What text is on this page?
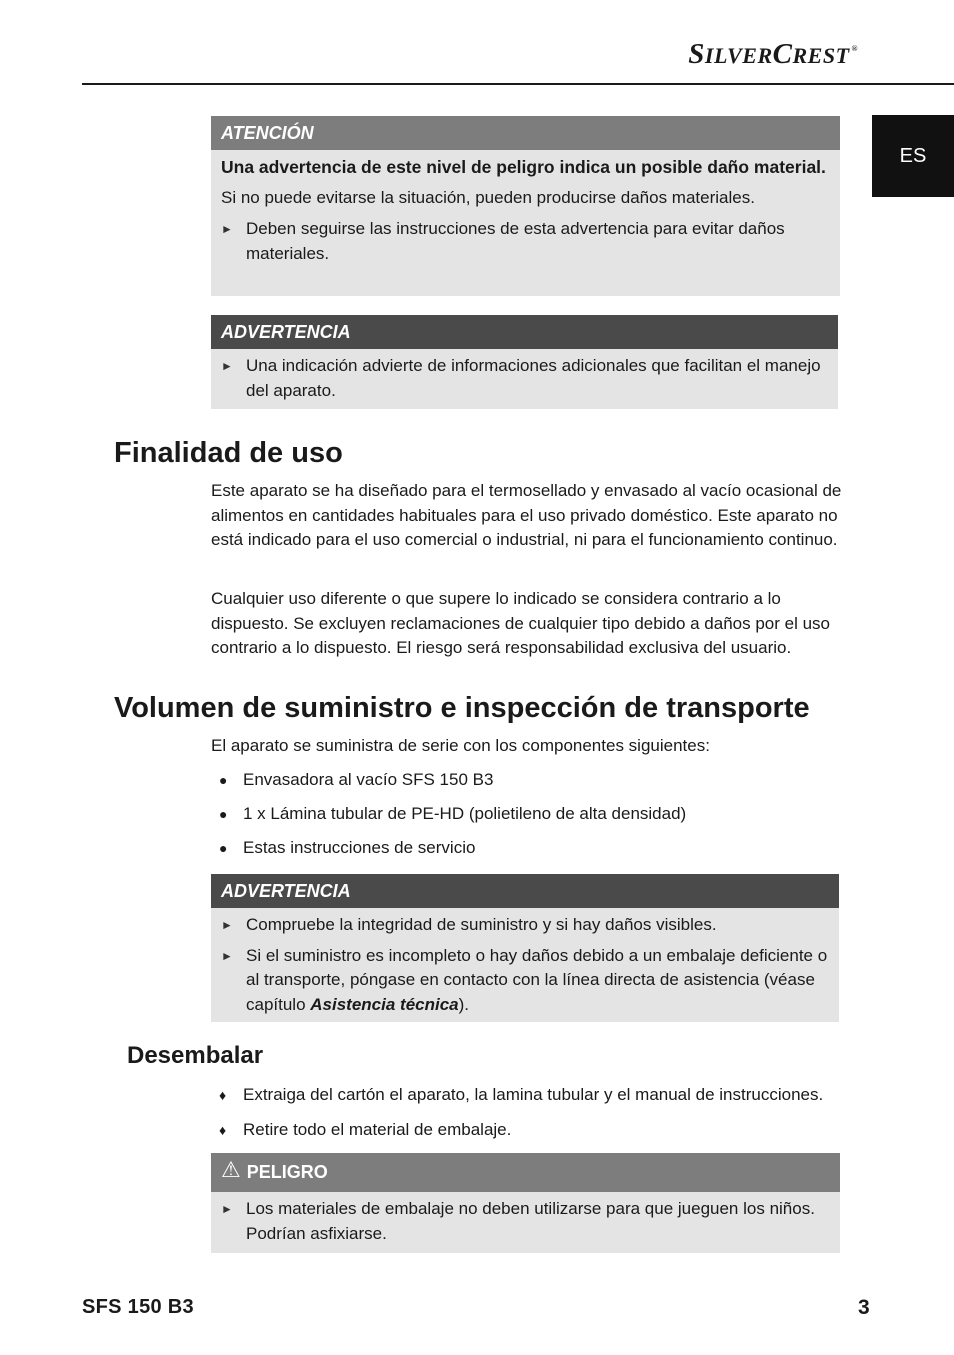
SILVERCREST ®
ES
ATENCIÓN

Una advertencia de este nivel de peligro indica un posible daño material.

Si no puede evitarse la situación, pueden producirse daños materiales.

► Deben seguirse las instrucciones de esta advertencia para evitar daños materiales.
ADVERTENCIA
► Una indicación advierte de informaciones adicionales que facilitan el manejo del aparato.
Finalidad de uso

Este aparato se ha diseñado para el termosellado y envasado al vacío ocasional de alimentos en cantidades habituales para el uso privado doméstico. Este aparato no está indicado para el uso comercial o industrial, ni para el funcionamiento continuo.

Cualquier uso diferente o que supere lo indicado se considera contrario a lo dispuesto. Se excluyen reclamaciones de cualquier tipo debido a daños por el uso contrario a lo dispuesto. El riesgo será responsabilidad exclusiva del usuario.

Volumen de suministro e inspección de transporte

El aparato se suministra de serie con los componentes siguientes:

● Envasadora al vacío SFS 150 B3
● 1 x Lámina tubular de PE-HD (polietileno de alta densidad)
● Estas instrucciones de servicio
ADVERTENCIA
► Compruebe la integridad de suministro y si hay daños visibles.
► Si el suministro es incompleto o hay daños debido a un embalaje deficiente o al transporte, póngase en contacto con la línea directa de asistencia (véase capítulo Asistencia técnica).
Desembalar
♦ Extraiga del cartón el aparato, la lamina tubular y el manual de instrucciones.
♦ Retire todo el material de embalaje.
⚠ PELIGRO
► Los materiales de embalaje no deben utilizarse para que jueguen los niños. Podrían asfixiarse.
SFS 150 B3	3
